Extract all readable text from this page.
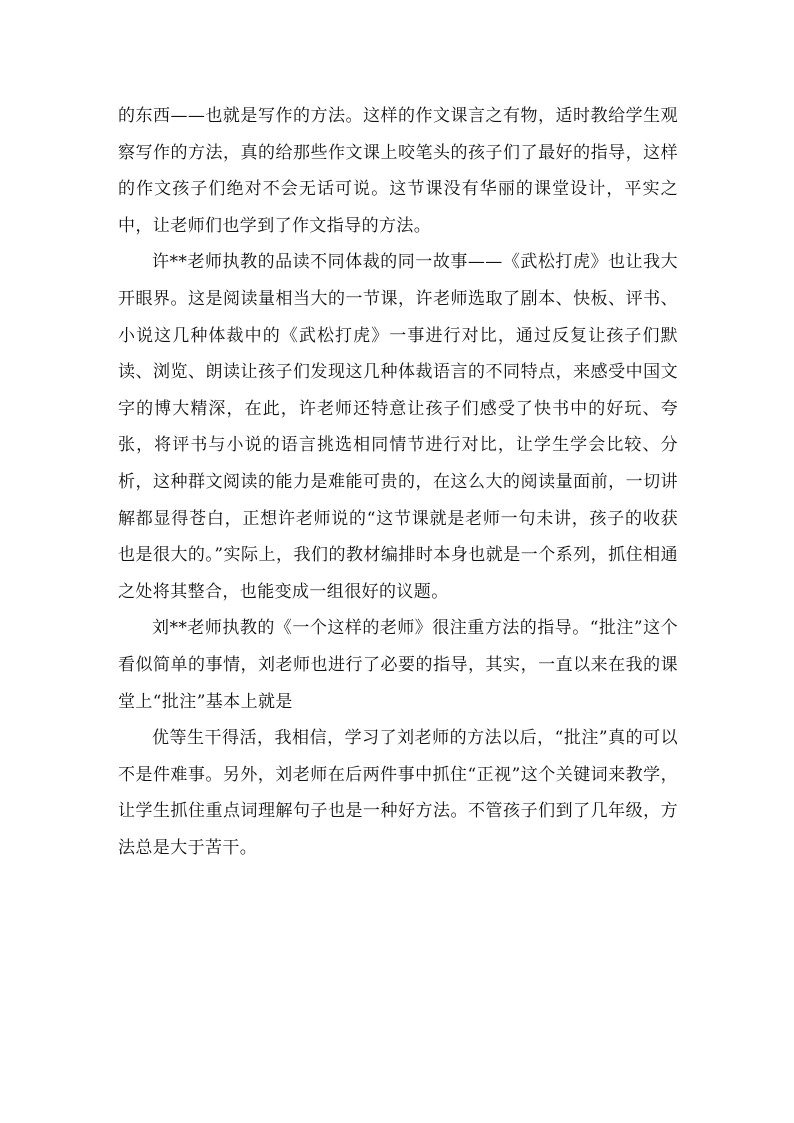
的东西——也就是写作的方法。这样的作文课言之有物，适时教给学生观察写作的方法，真的给那些作文课上咬笔头的孩子们了最好的指导，这样的作文孩子们绝对不会无话可说。这节课没有华丽的课堂设计，平实之中，让老师们也学到了作文指导的方法。

许**老师执教的品读不同体裁的同一故事——《武松打虎》也让我大开眼界。这是阅读量相当大的一节课，许老师选取了剧本、快板、评书、小说这几种体裁中的《武松打虎》一事进行对比，通过反复让孩子们默读、浏览、朗读让孩子们发现这几种体裁语言的不同特点，来感受中国文字的博大精深，在此，许老师还特意让孩子们感受了快书中的好玩、夸张，将评书与小说的语言挑选相同情节进行对比，让学生学会比较、分析，这种群文阅读的能力是难能可贵的，在这么大的阅读量面前，一切讲解都显得苍白，正想许老师说的“这节课就是老师一句未讲，孩子的收获也是很大的。”实际上，我们的教材编排时本身也就是一个系列，抓住相通之处将其整合，也能变成一组很好的议题。

刘**老师执教的《一个这样的老师》很注重方法的指导。“批注”这个看似简单的事情，刘老师也进行了必要的指导，其实，一直以来在我的课堂上“批注”基本上就是

优等生干得活，我相信，学习了刘老师的方法以后，“批注”真的可以不是件难事。另外，刘老师在后两件事中抓住“正视”这个关键词来教学，让学生抓住重点词理解句子也是一种好方法。不管孩子们到了几年级，方法总是大于苦干。
